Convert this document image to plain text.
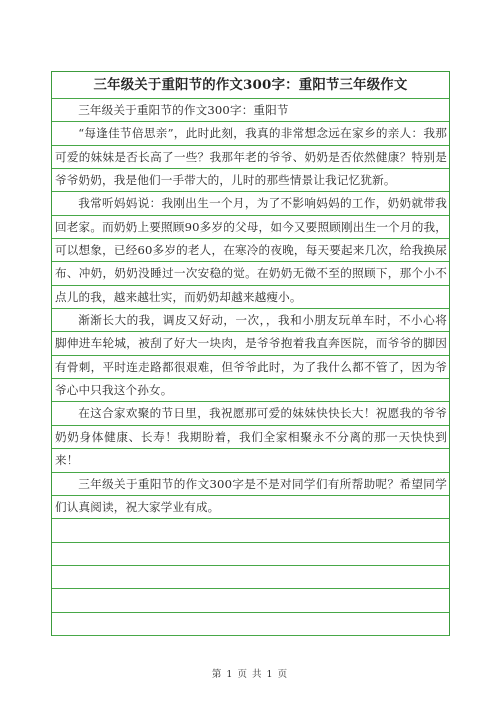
三年级关于重阳节的作文300字：重阳节三年级作文

三年级关于重阳节的作文300字：重阳节

“每逢佳节倍思亲”，此时此刻，我真的非常想念远在家乡的亲人：我那可爱的妹妹是否长高了一些？我那年老的爷爷、奶奶是否依然健康？特别是爷爷奶奶，我是他们一手带大的，儿时的那些情景让我记忆犹新。

我常听妈妈说：我刚出生一个月，为了不影响妈妈的工作，奶奶就带我回老家。而奶奶上要照顾90多岁的父母，如今又要照顾刚出生一个月的我，可以想象，已经60多岁的老人，在寒冷的夜晚，每天要起来几次，给我换尿布、冲奶，奶奶没睡过一次安稳的觉。在奶奶无微不至的照顾下，那个小不点儿的我，越来越壮实，而奶奶却越来越瘦小。

渐渐长大的我，调皮又好动，一次，，我和小朋友玩单车时，不小心将脚伸进车轮城，被刮了好大一块肉，是爷爷抱着我直奔医院，而爷爷的脚因有骨刺，平时连走路都很艰难，但爷爷此时，为了我什么都不管了，因为爷爷心中只我这个孙女。

在这合家欢聚的节日里，我祝愿那可爱的妹妹快快长大！祝愿我的爷爷奶奶身体健康、长寿！我期盼着，我们全家相聚永不分离的那一天快快到来！

三年级关于重阳节的作文300字是不是对同学们有所帮助呢？希望同学们认真阅读，祝大家学业有成。

第 1 页 共 1 页
